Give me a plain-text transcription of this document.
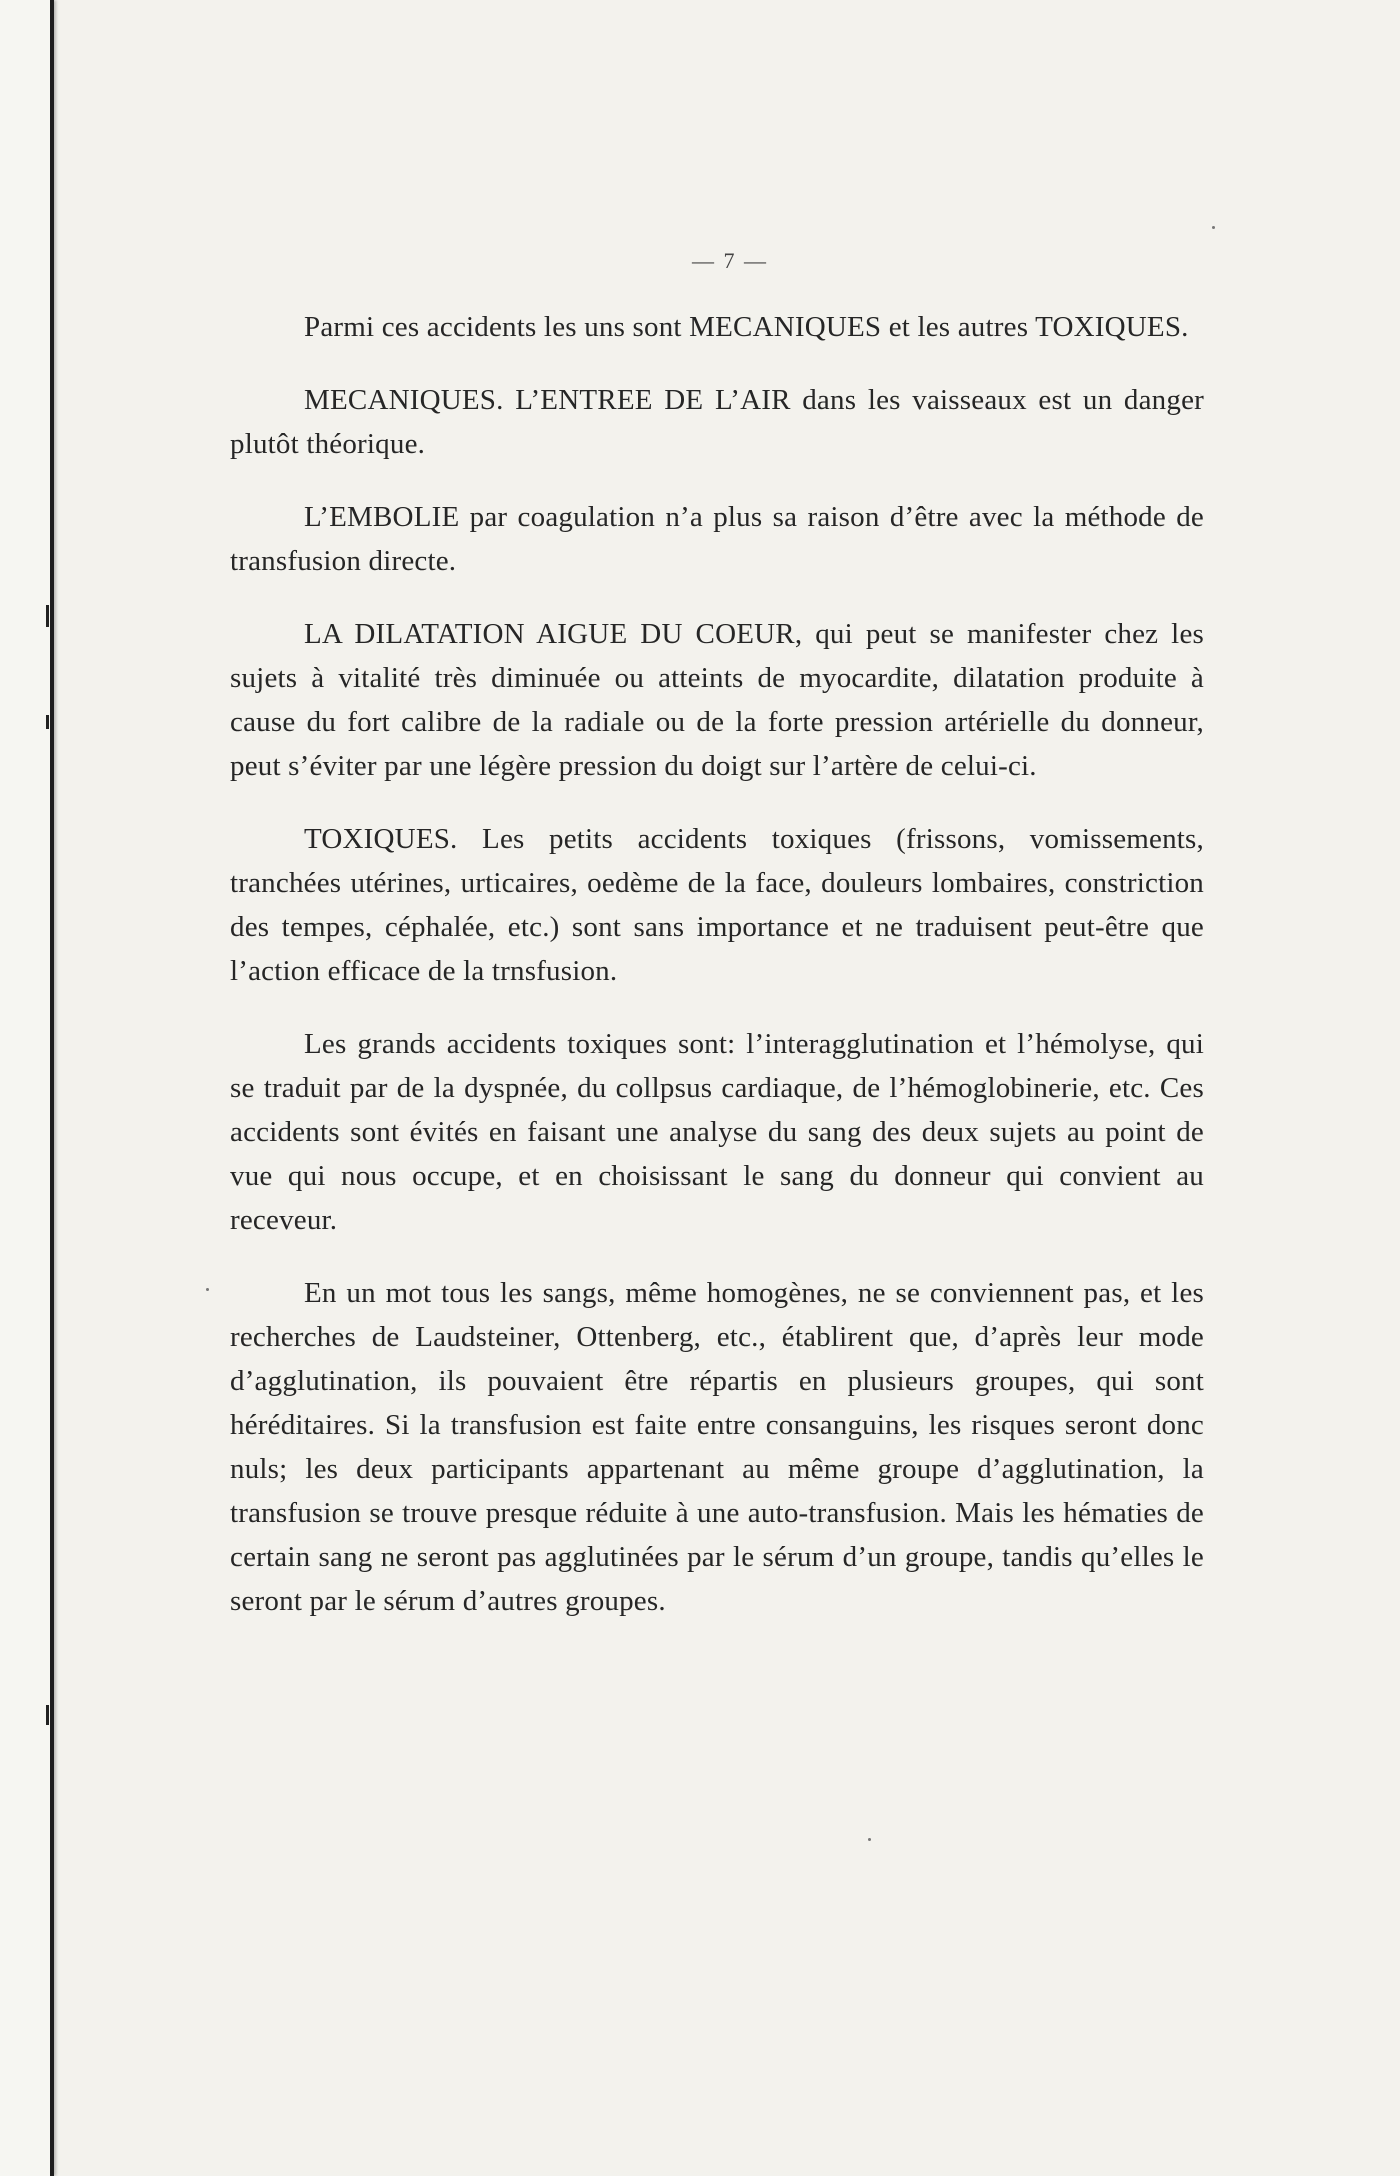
— 7 —

Parmi ces accidents les uns sont MECANIQUES et les autres TOXIQUES.

MECANIQUES. L’ENTREE DE L’AIR dans les vaisseaux est un danger plutôt théorique.

L’EMBOLIE par coagulation n’a plus sa raison d’être avec la méthode de transfusion directe.

LA DILATATION AIGUE DU COEUR, qui peut se manifester chez les sujets à vitalité très diminuée ou atteints de myocardite, dilatation produite à cause du fort calibre de la radiale ou de la forte pression artérielle du donneur, peut s’éviter par une légère pression du doigt sur l’artère de celui-ci.

TOXIQUES. Les petits accidents toxiques (frissons, vomissements, tranchées utérines, urticaires, oedème de la face, douleurs lombaires, constriction des tempes, céphalée, etc.) sont sans importance et ne traduisent peut-être que l’action efficace de la trnsfusion.

Les grands accidents toxiques sont: l’interagglutination et l’hémolyse, qui se traduit par de la dyspnée, du collpsus cardiaque, de l’hémoglobinerie, etc. Ces accidents sont évités en faisant une analyse du sang des deux sujets au point de vue qui nous occupe, et en choisissant le sang du donneur qui convient au receveur.

En un mot tous les sangs, même homogènes, ne se conviennent pas, et les recherches de Laudsteiner, Ottenberg, etc., établirent que, d’après leur mode d’agglutination, ils pouvaient être répartis en plusieurs groupes, qui sont héréditaires. Si la transfusion est faite entre consanguins, les risques seront donc nuls; les deux participants appartenant au même groupe d’agglutination, la transfusion se trouve presque réduite à une auto-transfusion. Mais les hématies de certain sang ne seront pas agglutinées par le sérum d’un groupe, tandis qu’elles le seront par le sérum d’autres groupes.
